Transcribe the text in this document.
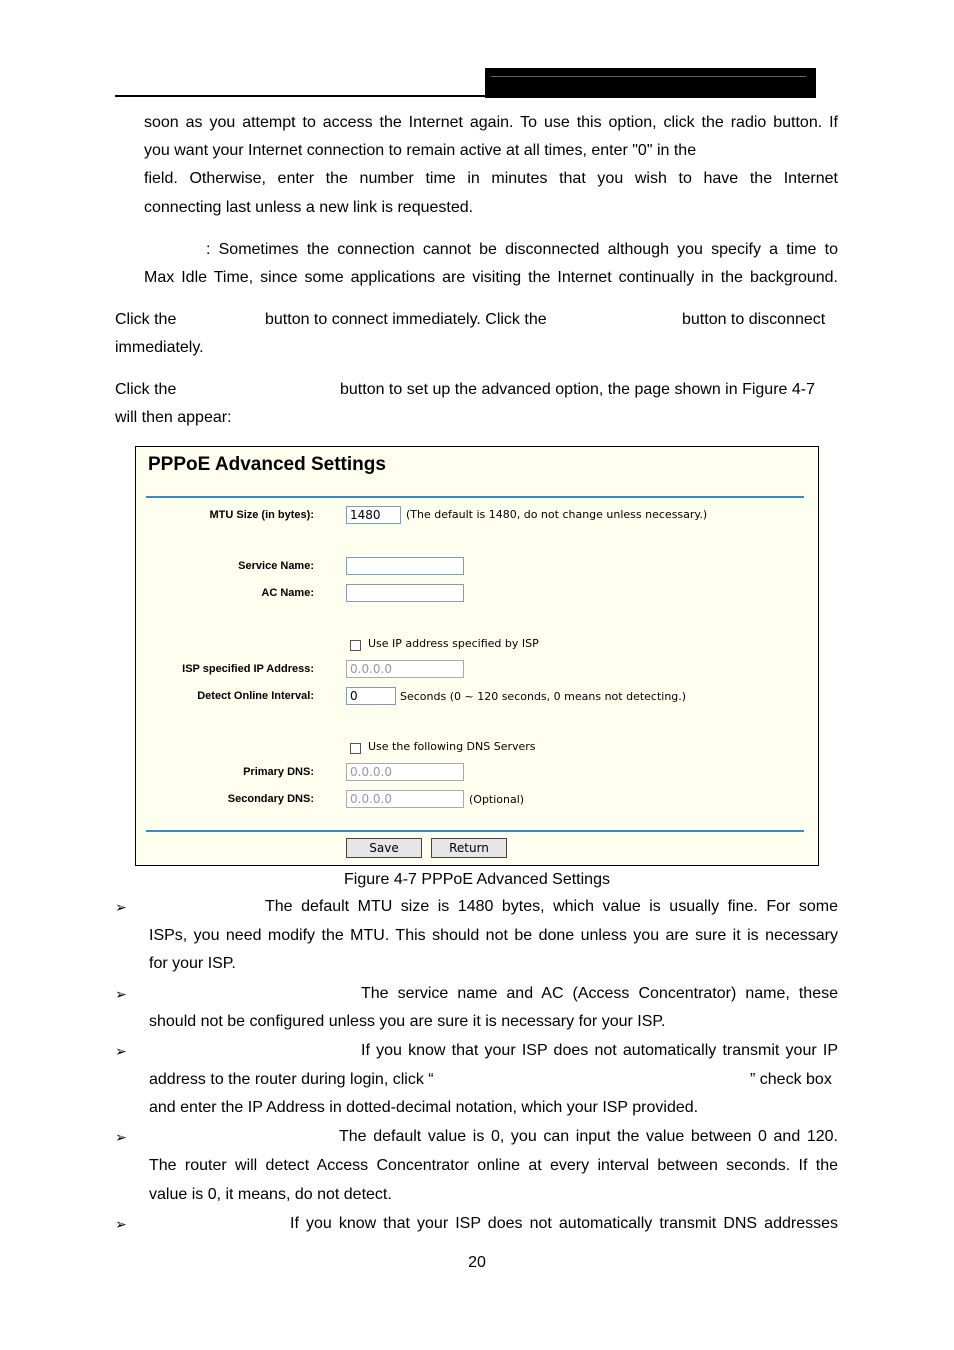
soon as you attempt to access the Internet again. To use this option, click the radio button. If
you want your Internet connection to remain active at all times, enter "0" in the
field. Otherwise, enter the number time in minutes that you wish to have the Internet
connecting last unless a new link is requested.
: Sometimes the connection cannot be disconnected although you specify a time to
Max Idle Time, since some applications are visiting the Internet continually in the background.
Click the	button to connect immediately. Click the	button to disconnect
immediately.
Click the	button to set up the advanced option, the page shown in Figure 4-7
will then appear:
PPPoE Advanced Settings
MTU Size (in bytes):	1480	(The default is 1480, do not change unless necessary.)
Service Name:
AC Name:
Use IP address specified by ISP
ISP specified IP Address:	0.0.0.0
Detect Online Interval:	0	Seconds (0 ~ 120 seconds, 0 means not detecting.)
Use the following DNS Servers
Primary DNS:	0.0.0.0
Secondary DNS:	0.0.0.0	(Optional)
Save	Return
Figure 4-7 PPPoE Advanced Settings
➢	The default MTU size is 1480 bytes, which value is usually fine. For some
ISPs, you need modify the MTU. This should not be done unless you are sure it is necessary
for your ISP.
➢	The service name and AC (Access Concentrator) name, these
should not be configured unless you are sure it is necessary for your ISP.
➢	If you know that your ISP does not automatically transmit your IP
address to the router during login, click “	” check box
and enter the IP Address in dotted-decimal notation, which your ISP provided.
➢	The default value is 0, you can input the value between 0 and 120.
The router will detect Access Concentrator online at every interval between seconds. If the
value is 0, it means, do not detect.
➢	If you know that your ISP does not automatically transmit DNS addresses
20
